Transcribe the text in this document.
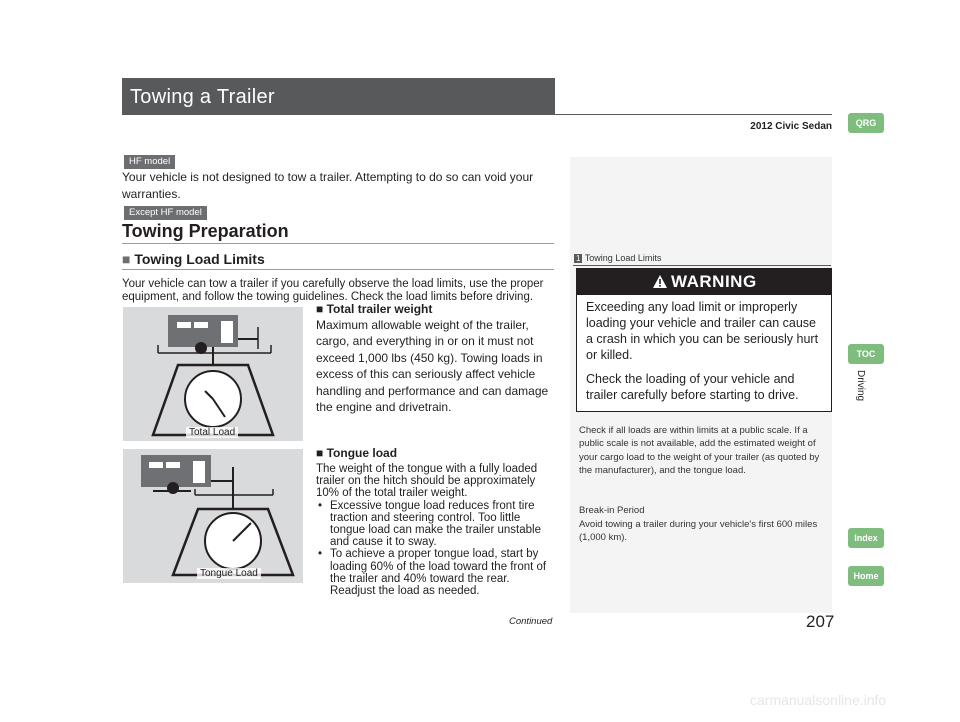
Towing a Trailer
2012 Civic Sedan	QRG
TOC
Driving
Index
Home
HF model
Your vehicle is not designed to tow a trailer. Attempting to do so can void your warranties.
Except HF model
Towing Preparation
■ Towing Load Limits
Your vehicle can tow a trailer if you carefully observe the load limits, use the proper equipment, and follow the towing guidelines. Check the load limits before driving.
Total Load
■ Total trailer weight
Maximum allowable weight of the trailer, cargo, and everything in or on it must not exceed 1,000 lbs (450 kg). Towing loads in excess of this can seriously affect vehicle handling and performance and can damage the engine and drivetrain.
Tongue Load
■ Tongue load
The weight of the tongue with a fully loaded trailer on the hitch should be approximately 10% of the total trailer weight.
• Excessive tongue load reduces front tire traction and steering control. Too little tongue load can make the trailer unstable and cause it to sway.
• To achieve a proper tongue load, start by loading 60% of the load toward the front of the trailer and 40% toward the rear. Readjust the load as needed.
1 Towing Load Limits
WARNING
Exceeding any load limit or improperly loading your vehicle and trailer can cause a crash in which you can be seriously hurt or killed.
Check the loading of your vehicle and trailer carefully before starting to drive.
Check if all loads are within limits at a public scale. If a public scale is not available, add the estimated weight of your cargo load to the weight of your trailer (as quoted by the manufacturer), and the tongue load.
Break-in Period
Avoid towing a trailer during your vehicle's first 600 miles (1,000 km).
Continued	207
carmanualsonline.info
